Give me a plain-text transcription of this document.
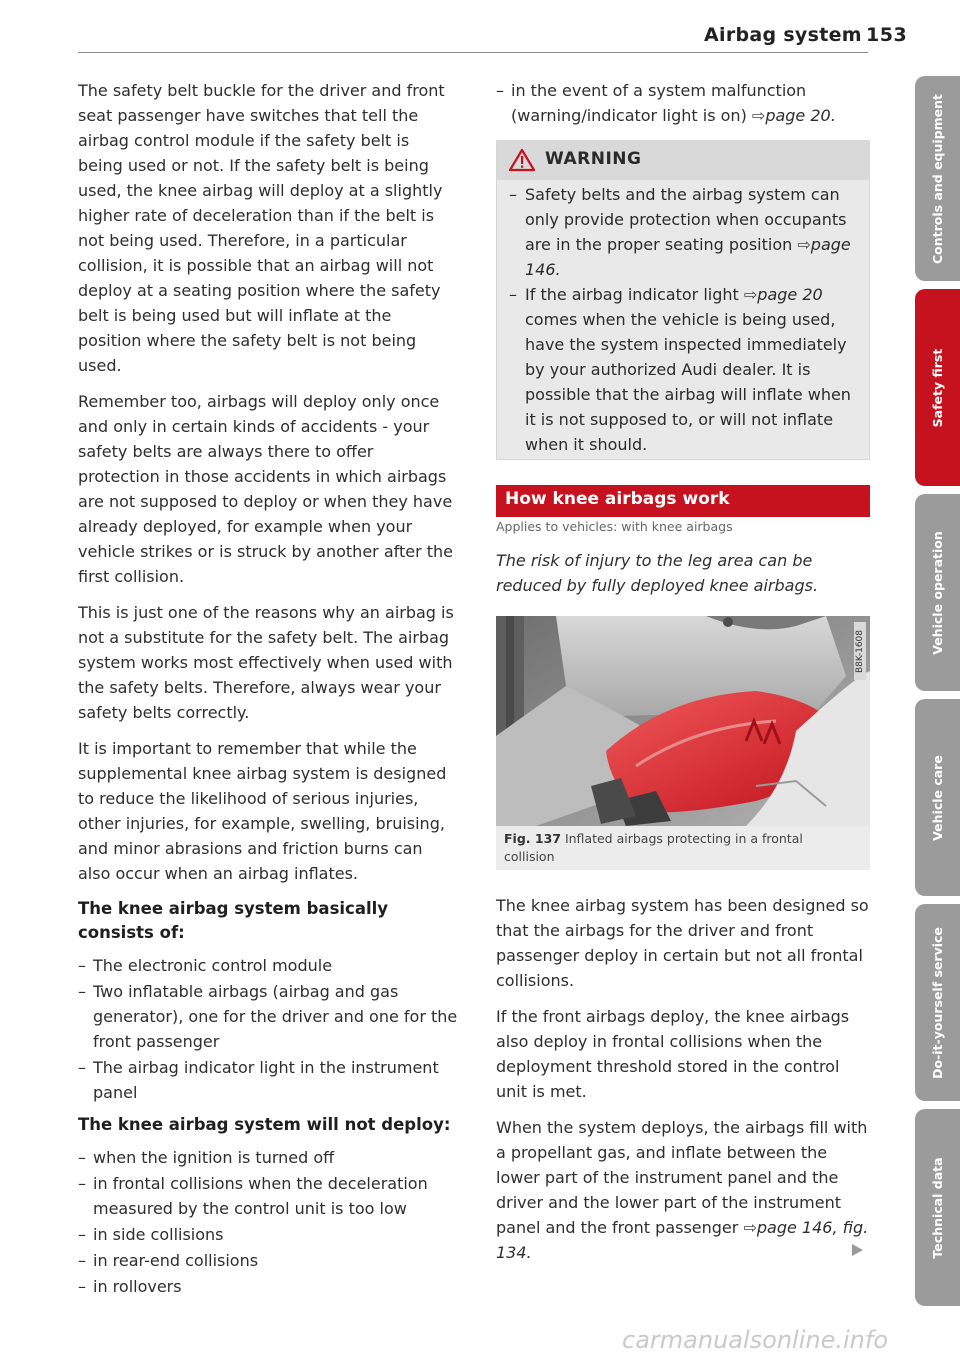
Airbag system 153

The safety belt buckle for the driver and front seat passenger have switches that tell the airbag control module if the safety belt is being used or not. If the safety belt is being used, the knee airbag will deploy at a slightly higher rate of deceleration than if the belt is not being used. Therefore, in a particular collision, it is possible that an airbag will not deploy at a seating position where the safety belt is being used but will inflate at the position where the safety belt is not being used.

Remember too, airbags will deploy only once and only in certain kinds of accidents - your safety belts are always there to offer protection in those accidents in which airbags are not supposed to deploy or when they have already deployed, for example when your vehicle strikes or is struck by another after the first collision.

This is just one of the reasons why an airbag is not a substitute for the safety belt. The airbag system works most effectively when used with the safety belts. Therefore, always wear your safety belts correctly.

It is important to remember that while the supplemental knee airbag system is designed to reduce the likelihood of serious injuries, other injuries, for example, swelling, bruising, and minor abrasions and friction burns can also occur when an airbag inflates.

The knee airbag system basically consists of:
– The electronic control module
– Two inflatable airbags (airbag and gas generator), one for the driver and one for the front passenger
– The airbag indicator light in the instrument panel
The knee airbag system will not deploy:
– when the ignition is turned off
– in frontal collisions when the deceleration measured by the control unit is too low
– in side collisions
– in rear-end collisions
– in rollovers
– in the event of a system malfunction (warning/indicator light is on) ⇨page 20.
WARNING
– Safety belts and the airbag system can only provide protection when occupants are in the proper seating position ⇨page 146.
– If the airbag indicator light ⇨page 20 comes when the vehicle is being used, have the system inspected immediately by your authorized Audi dealer. It is possible that the airbag will inflate when it is not supposed to, or will not inflate when it should.
How knee airbags work
Applies to vehicles: with knee airbags
The risk of injury to the leg area can be reduced by fully deployed knee airbags.
B8K-1608
Fig. 137 Inflated airbags protecting in a frontal collision

The knee airbag system has been designed so that the airbags for the driver and front passenger deploy in certain but not all frontal collisions.

If the front airbags deploy, the knee airbags also deploy in frontal collisions when the deployment threshold stored in the control unit is met.

When the system deploys, the airbags fill with a propellant gas, and inflate between the lower part of the instrument panel and the driver and the lower part of the instrument panel and the front passenger ⇨page 146, fig. 134.

Controls and equipment
Safety first
Vehicle operation
Vehicle care
Do-it-yourself service
Technical data
carmanualsonline.info
